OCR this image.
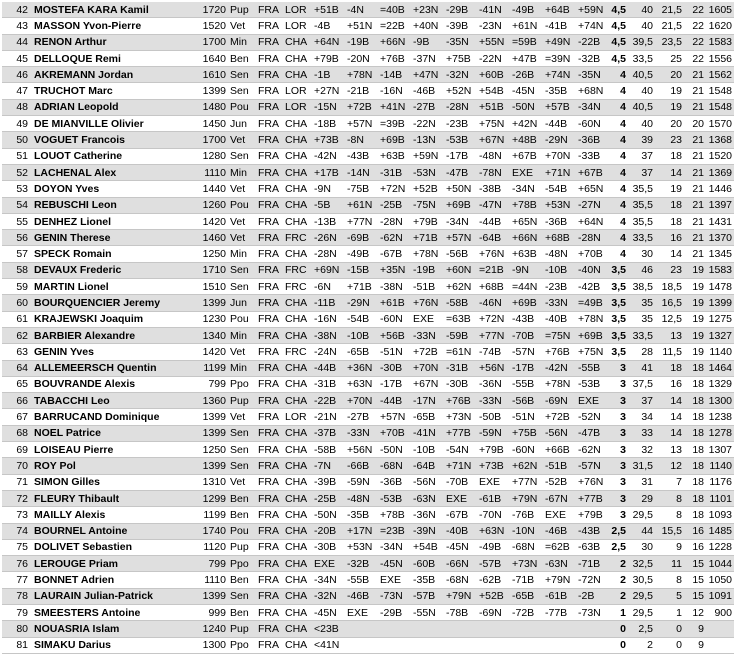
42	MOSTEFA KARA Kamil	1720	Pup	FRA	LOR	+51B	-4N	=40B	+23N	-29B	-41N	-49B	+64B	+59N	4,5	40	21,5	22	1605
43	MASSON Yvon-Pierre	1520	Vet	FRA	LOR	-4B	+51N	=22B	+40N	-39B	-23N	+61N	-41B	+74N	4,5	40	21,5	22	1620
44	RENON Arthur	1700	Min	FRA	CHA	+64N	-19B	+66N	-9B	-35N	+55N	=59B	+49N	-22B	4,5	39,5	23,5	22	1583
45	DELLOQUE Remi	1640	Ben	FRA	CHA	+79B	-20N	+76B	-37N	+75B	-22N	+47B	=39N	-32B	4,5	33,5	25	22	1556
46	AKREMANN Jordan	1610	Sen	FRA	CHA	-1B	+78N	-14B	+47N	-32N	+60B	-26B	+74N	-35N	4	40,5	20	21	1562
47	TRUCHOT Marc	1399	Sen	FRA	LOR	+27N	-21B	-16N	-46B	+52N	+54B	-45N	-35B	+68N	4	40	19	21	1548
48	ADRIAN Leopold	1480	Pou	FRA	LOR	-15N	+72B	+41N	-27B	-28N	+51B	-50N	+57B	-34N	4	40,5	19	21	1548
49	DE MIANVILLE Olivier	1450	Jun	FRA	CHA	-18B	+57N	=39B	-22N	-23B	+75N	+42N	-44B	-60N	4	40	20	20	1570
50	VOGUET Francois	1700	Vet	FRA	CHA	+73B	-8N	+69B	-13N	-53B	+67N	+48B	-29N	-36B	4	39	23	21	1368
51	LOUOT Catherine	1280	Sen	FRA	CHA	-42N	-43B	+63B	+59N	-17B	-48N	+67B	+70N	-33B	4	37	18	21	1520
52	LACHENAL Alex	1110	Min	FRA	CHA	+17B	-14N	-31B	-53N	-47B	-78N	EXE	+71N	+67B	4	37	14	21	1369
53	DOYON Yves	1440	Vet	FRA	CHA	-9N	-75B	+72N	+52B	+50N	-38B	-34N	-54B	+65N	4	35,5	19	21	1446
54	REBUSCHI Leon	1260	Pou	FRA	CHA	-5B	+61N	-25B	-75N	+69B	-47N	+78B	+53N	-27N	4	35,5	18	21	1397
55	DENHEZ Lionel	1420	Vet	FRA	CHA	-13B	+77N	-28N	+79B	-34N	-44B	+65N	-36B	+64N	4	35,5	18	21	1431
56	GENIN Therese	1460	Vet	FRA	FRC	-26N	-69B	-62N	+71B	+57N	-64B	+66N	+68B	-28N	4	33,5	16	21	1370
57	SPECK Romain	1250	Min	FRA	CHA	-28N	-49B	-67B	+78N	-56B	+76N	+63B	-48N	+70B	4	30	14	21	1345
58	DEVAUX Frederic	1710	Sen	FRA	FRC	+69N	-15B	+35N	-19B	+60N	=21B	-9N	-10B	-40N	3,5	46	23	19	1583
59	MARTIN Lionel	1510	Sen	FRA	FRC	-6N	+71B	-38N	-51B	+62N	+68B	=44N	-23B	-42B	3,5	38,5	18,5	19	1478
60	BOURQUENCIER Jeremy	1399	Jun	FRA	CHA	-11B	-29N	+61B	+76N	-58B	-46N	+69B	-33N	=49B	3,5	35	16,5	19	1399
61	KRAJEWSKI Joaquim	1230	Pou	FRA	CHA	-16N	-54B	-60N	EXE	=63B	+72N	-43B	-40B	+78N	3,5	35	12,5	19	1275
62	BARBIER Alexandre	1340	Min	FRA	CHA	-38N	-10B	+56B	-33N	-59B	+77N	-70B	=75N	+69B	3,5	33,5	13	19	1327
63	GENIN Yves	1420	Vet	FRA	FRC	-24N	-65B	-51N	+72B	=61N	-74B	-57N	+76B	+75N	3,5	28	11,5	19	1140
64	ALLEMEERSCH Quentin	1199	Min	FRA	CHA	-44B	+36N	-30B	+70N	-31B	+56N	-17B	-42N	-55B	3	41	18	18	1464
65	BOUVRANDE Alexis	799	Ppo	FRA	CHA	-31B	+63N	-17B	+67N	-30B	-36N	-55B	+78N	-53B	3	37,5	16	18	1329
66	TABACCHI Leo	1360	Pup	FRA	CHA	-22B	+70N	-44B	-17N	+76B	-33N	-56B	-69N	EXE	3	37	14	18	1300
67	BARRUCAND Dominique	1399	Vet	FRA	LOR	-21N	-27B	+57N	-65B	+73N	-50B	-51N	+72B	-52N	3	34	14	18	1238
68	NOEL Patrice	1399	Sen	FRA	CHA	-37B	-33N	+70B	-41N	+77B	-59N	+75B	-56N	-47B	3	33	14	18	1278
69	LOISEAU Pierre	1250	Sen	FRA	CHA	-58B	+56N	-50N	-10B	-54N	+79B	-60N	+66B	-62N	3	32	13	18	1307
70	ROY Pol	1399	Sen	FRA	CHA	-7N	-66B	-68N	-64B	+71N	+73B	+62N	-51B	-57N	3	31,5	12	18	1140
71	SIMON Gilles	1310	Vet	FRA	CHA	-39B	-59N	-36B	-56N	-70B	EXE	+77N	-52B	+76N	3	31	7	18	1176
72	FLEURY Thibault	1299	Ben	FRA	CHA	-25B	-48N	-53B	-63N	EXE	-61B	+79N	-67N	+77B	3	29	8	18	1101
73	MAILLY Alexis	1199	Ben	FRA	CHA	-50N	-35B	+78B	-36N	-67B	-70N	-76B	EXE	+79B	3	29,5	8	18	1093
74	BOURNEL Antoine	1740	Pou	FRA	CHA	-20B	+17N	=23B	-39N	-40B	+63N	-10N	-46B	-43B	2,5	44	15,5	16	1485
75	DOLIVET Sebastien	1120	Pup	FRA	CHA	-30B	+53N	-34N	+54B	-45N	-49B	-68N	=62B	-63B	2,5	30	9	16	1228
76	LEROUGE Priam	799	Ppo	FRA	CHA	EXE	-32B	-45N	-60B	-66N	-57B	+73N	-63N	-71B	2	32,5	11	15	1044
77	BONNET Adrien	1110	Ben	FRA	CHA	-34N	-55B	EXE	-35B	-68N	-62B	-71B	+79N	-72N	2	30,5	8	15	1050
78	LAURAIN Julian-Patrick	1399	Sen	FRA	CHA	-32N	-46B	-73N	-57B	+79N	+52B	-65B	-61B	-2B	2	29,5	5	15	1091
79	SMEESTERS Antoine	999	Ben	FRA	CHA	-45N	EXE	-29B	-55N	-78B	-69N	-72B	-77B	-73N	1	29,5	1	12	900
80	NOUASRIA Islam	1240	Pup	FRA	CHA	<23B									0	2,5	0	9	
81	SIMAKU Darius	1300	Ppo	FRA	CHA	<41N									0	2	0	9	
